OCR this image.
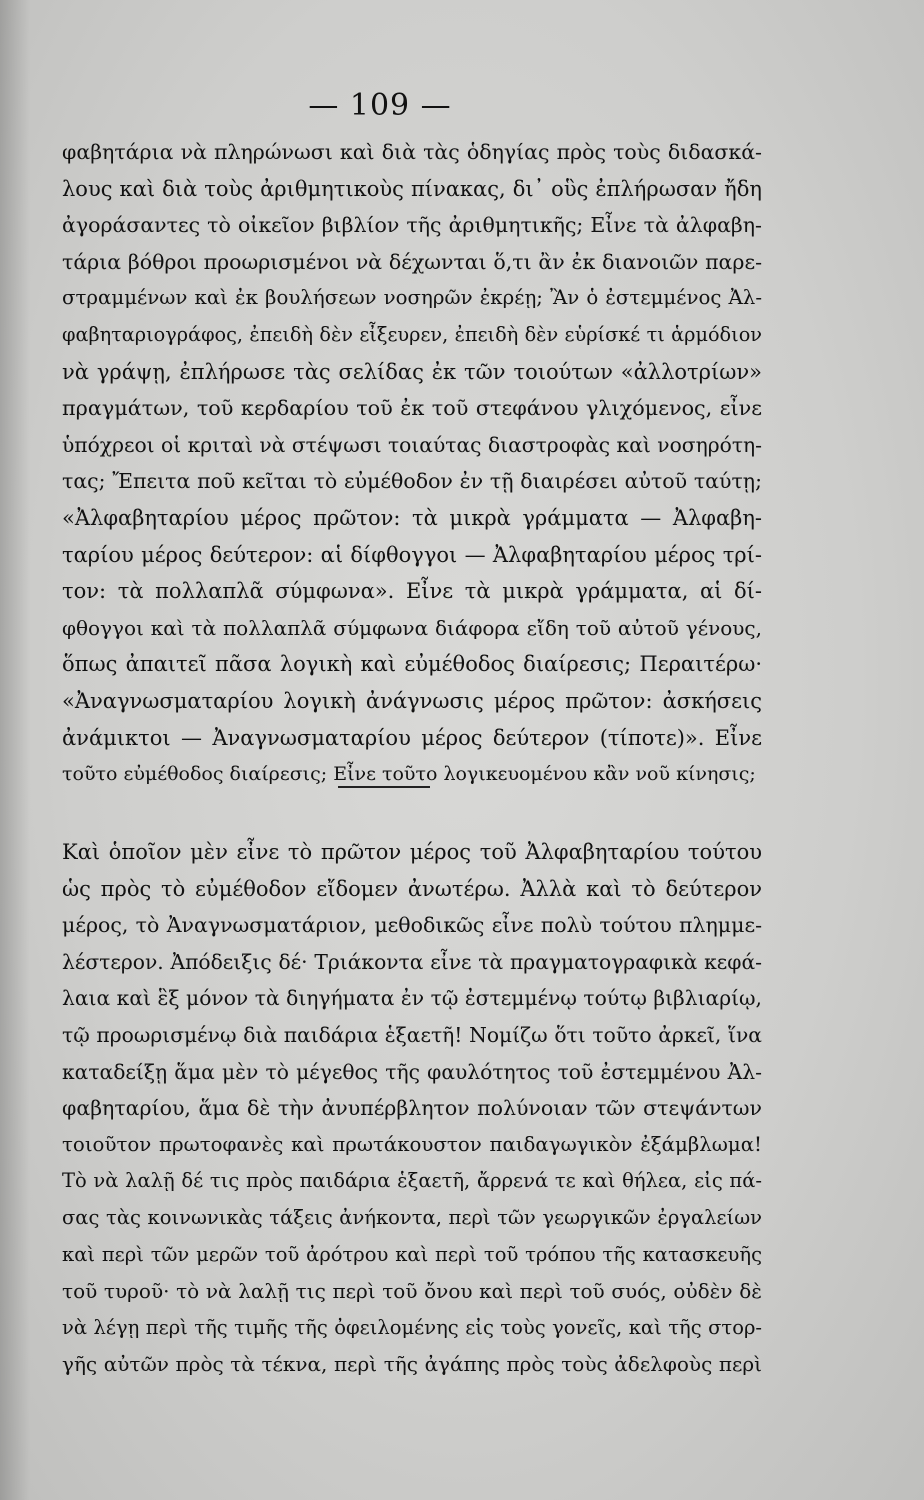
— 109 —

φαβητάρια νὰ πληρώνωσι καὶ διὰ τὰς ὁδηγίας πρὸς τοὺς διδασκά-
λους καὶ διὰ τοὺς ἀριθμητικοὺς πίνακας, δι᾽ οὓς ἐπλήρωσαν ἤδη
ἀγοράσαντες τὸ οἰκεῖον βιβλίον τῆς ἀριθμητικῆς; Εἶνε τὰ ἀλφαβη-
τάρια βόθροι προωρισμένοι νὰ δέχωνται ὅ,τι ἂν ἐκ διανοιῶν παρε-
στραμμένων καὶ ἐκ βουλήσεων νοσηρῶν ἐκρέῃ; Ἂν ὁ ἐστεμμένος Ἀλ-
φαβηταριογράφος, ἐπειδὴ δὲν εἶξευρεν, ἐπειδὴ δὲν εὑρίσκέ τι ἁρμόδιον
νὰ γράψῃ, ἐπλήρωσε τὰς σελίδας ἐκ τῶν τοιούτων «ἀλλοτρίων»
πραγμάτων, τοῦ κερδαρίου τοῦ ἐκ τοῦ στεφάνου γλιχόμενος, εἶνε
ὑπόχρεοι οἱ κριταὶ νὰ στέψωσι τοιαύτας διαστροφὰς καὶ νοσηρότη-
τας; Ἔπειτα ποῦ κεῖται τὸ εὐμέθοδον ἐν τῇ διαιρέσει αὐτοῦ ταύτῃ;
«Ἀλφαβηταρίου μέρος πρῶτον: τὰ μικρὰ γράμματα — Ἀλφαβη-
ταρίου μέρος δεύτερον: αἱ δίφθογγοι — Ἀλφαβηταρίου μέρος τρί-
τον: τὰ πολλαπλᾶ σύμφωνα». Εἶνε τὰ μικρὰ γράμματα, αἱ δί-
φθογγοι καὶ τὰ πολλαπλᾶ σύμφωνα διάφορα εἴδη τοῦ αὐτοῦ γένους,
ὅπως ἀπαιτεῖ πᾶσα λογικὴ καὶ εὐμέθοδος διαίρεσις; Περαιτέρω·
«Ἀναγνωσματαρίου λογικὴ ἀνάγνωσις μέρος πρῶτον: ἀσκήσεις
ἀνάμικτοι — Ἀναγνωσματαρίου μέρος δεύτερον (τίποτε)». Εἶνε
τοῦτο εὐμέθοδος διαίρεσις; Εἶνε τοῦτο λογικευομένου κἂν νοῦ κίνησις;

Καὶ ὁποῖον μὲν εἶνε τὸ πρῶτον μέρος τοῦ Ἀλφαβηταρίου τούτου
ὡς πρὸς τὸ εὐμέθοδον εἴδομεν ἀνωτέρω. Ἀλλὰ καὶ τὸ δεύτερον
μέρος, τὸ Ἀναγνωσματάριον, μεθοδικῶς εἶνε πολὺ τούτου πλημμε-
λέστερον. Ἀπόδειξις δέ· Τριάκοντα εἶνε τὰ πραγματογραφικὰ κεφά-
λαια καὶ ἓξ μόνον τὰ διηγήματα ἐν τῷ ἐστεμμένῳ τούτῳ βιβλιαρίῳ,
τῷ προωρισμένῳ διὰ παιδάρια ἑξαετῆ! Νομίζω ὅτι τοῦτο ἀρκεῖ, ἵνα
καταδείξῃ ἅμα μὲν τὸ μέγεθος τῆς φαυλότητος τοῦ ἐστεμμένου Ἀλ-
φαβηταρίου, ἅμα δὲ τὴν ἀνυπέρβλητον πολύνοιαν τῶν στεψάντων
τοιοῦτον πρωτοφανὲς καὶ πρωτάκουστον παιδαγωγικὸν ἐξάμβλωμα!
Τὸ νὰ λαλῇ δέ τις πρὸς παιδάρια ἑξαετῆ, ἄρρενά τε καὶ θήλεα, εἰς πά-
σας τὰς κοινωνικὰς τάξεις ἀνήκοντα, περὶ τῶν γεωργικῶν ἐργαλείων
καὶ περὶ τῶν μερῶν τοῦ ἀρότρου καὶ περὶ τοῦ τρόπου τῆς κατασκευῆς
τοῦ τυροῦ· τὸ νὰ λαλῇ τις περὶ τοῦ ὄνου καὶ περὶ τοῦ συός, οὐδὲν δὲ
νὰ λέγῃ περὶ τῆς τιμῆς τῆς ὀφειλομένης εἰς τοὺς γονεῖς, καὶ τῆς στορ-
γῆς αὐτῶν πρὸς τὰ τέκνα, περὶ τῆς ἀγάπης πρὸς τοὺς ἀδελφοὺς περὶ
